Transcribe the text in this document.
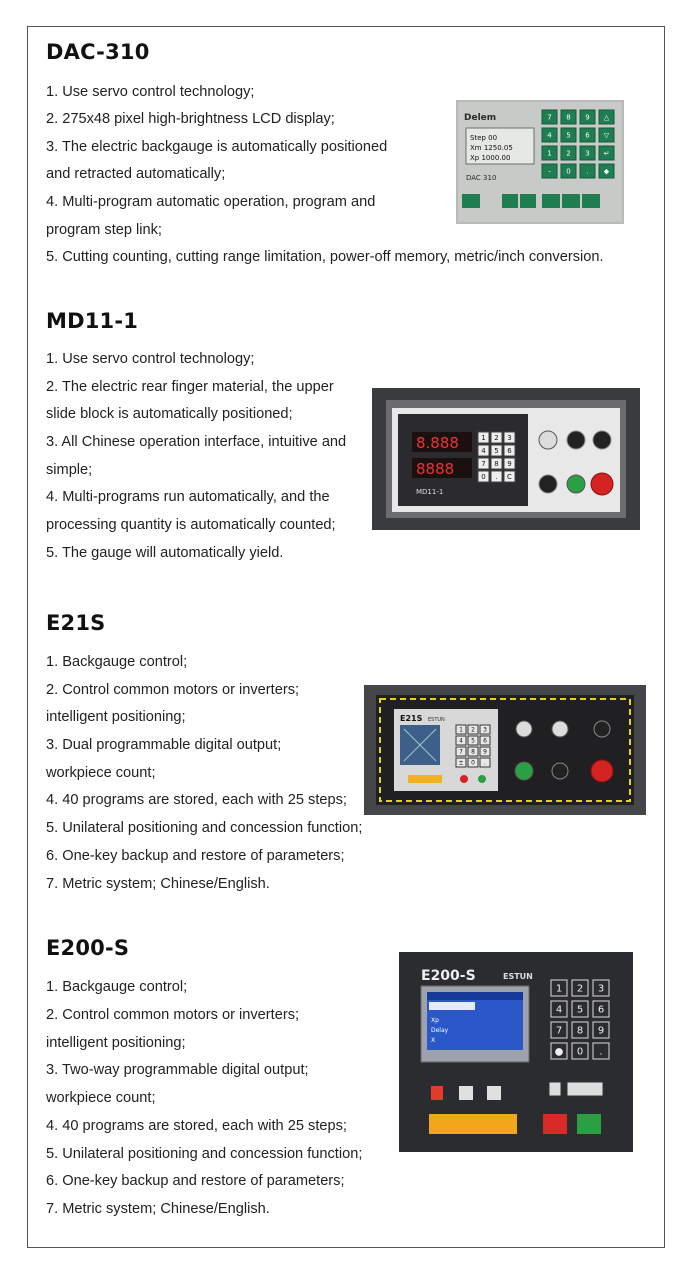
DAC-310
1. Use servo control technology;
2. 275x48 pixel high-brightness LCD display;
3. The electric backgauge is automatically positioned
and retracted automatically;
4. Multi-program automatic operation, program and
program step link;
5. Cutting counting, cutting range limitation, power-off memory, metric/inch conversion.
Delem
Step 00
Xm 1250.05
Xp 1000.00
DAC 310
7 8 9 △
4 5 6 ▽
1 2 3 ↵
- 0 . ◆
MD11-1
1. Use servo control technology;
2. The electric rear finger material, the upper
slide block is automatically positioned;
3. All Chinese operation interface, intuitive and
simple;
4. Multi-programs run automatically, and the
processing quantity is automatically counted;
5. The gauge will automatically yield.
8.888
8888
MD11-1
1 2 3
4 5 6
7 8 9
0 . C
E21S
1. Backgauge control;
2. Control common motors or inverters;
intelligent positioning;
3. Dual programmable digital output;
workpiece count;
4. 40 programs are stored, each with 25 steps;
5. Unilateral positioning and concession function;
6. One-key backup and restore of parameters;
7. Metric system; Chinese/English.
E21S ESTUN
1 2 3
4 5 6
7 8 9
± 0 .
E200-S
1. Backgauge control;
2. Control common motors or inverters;
intelligent positioning;
3. Two-way programmable digital output;
workpiece count;
4. 40 programs are stored, each with 25 steps;
5. Unilateral positioning and concession function;
6. One-key backup and restore of parameters;
7. Metric system; Chinese/English.
E200-S	ESTUN
Xp
Delay
X
1 2 3
4 5 6
7 8 9
● 0 .
